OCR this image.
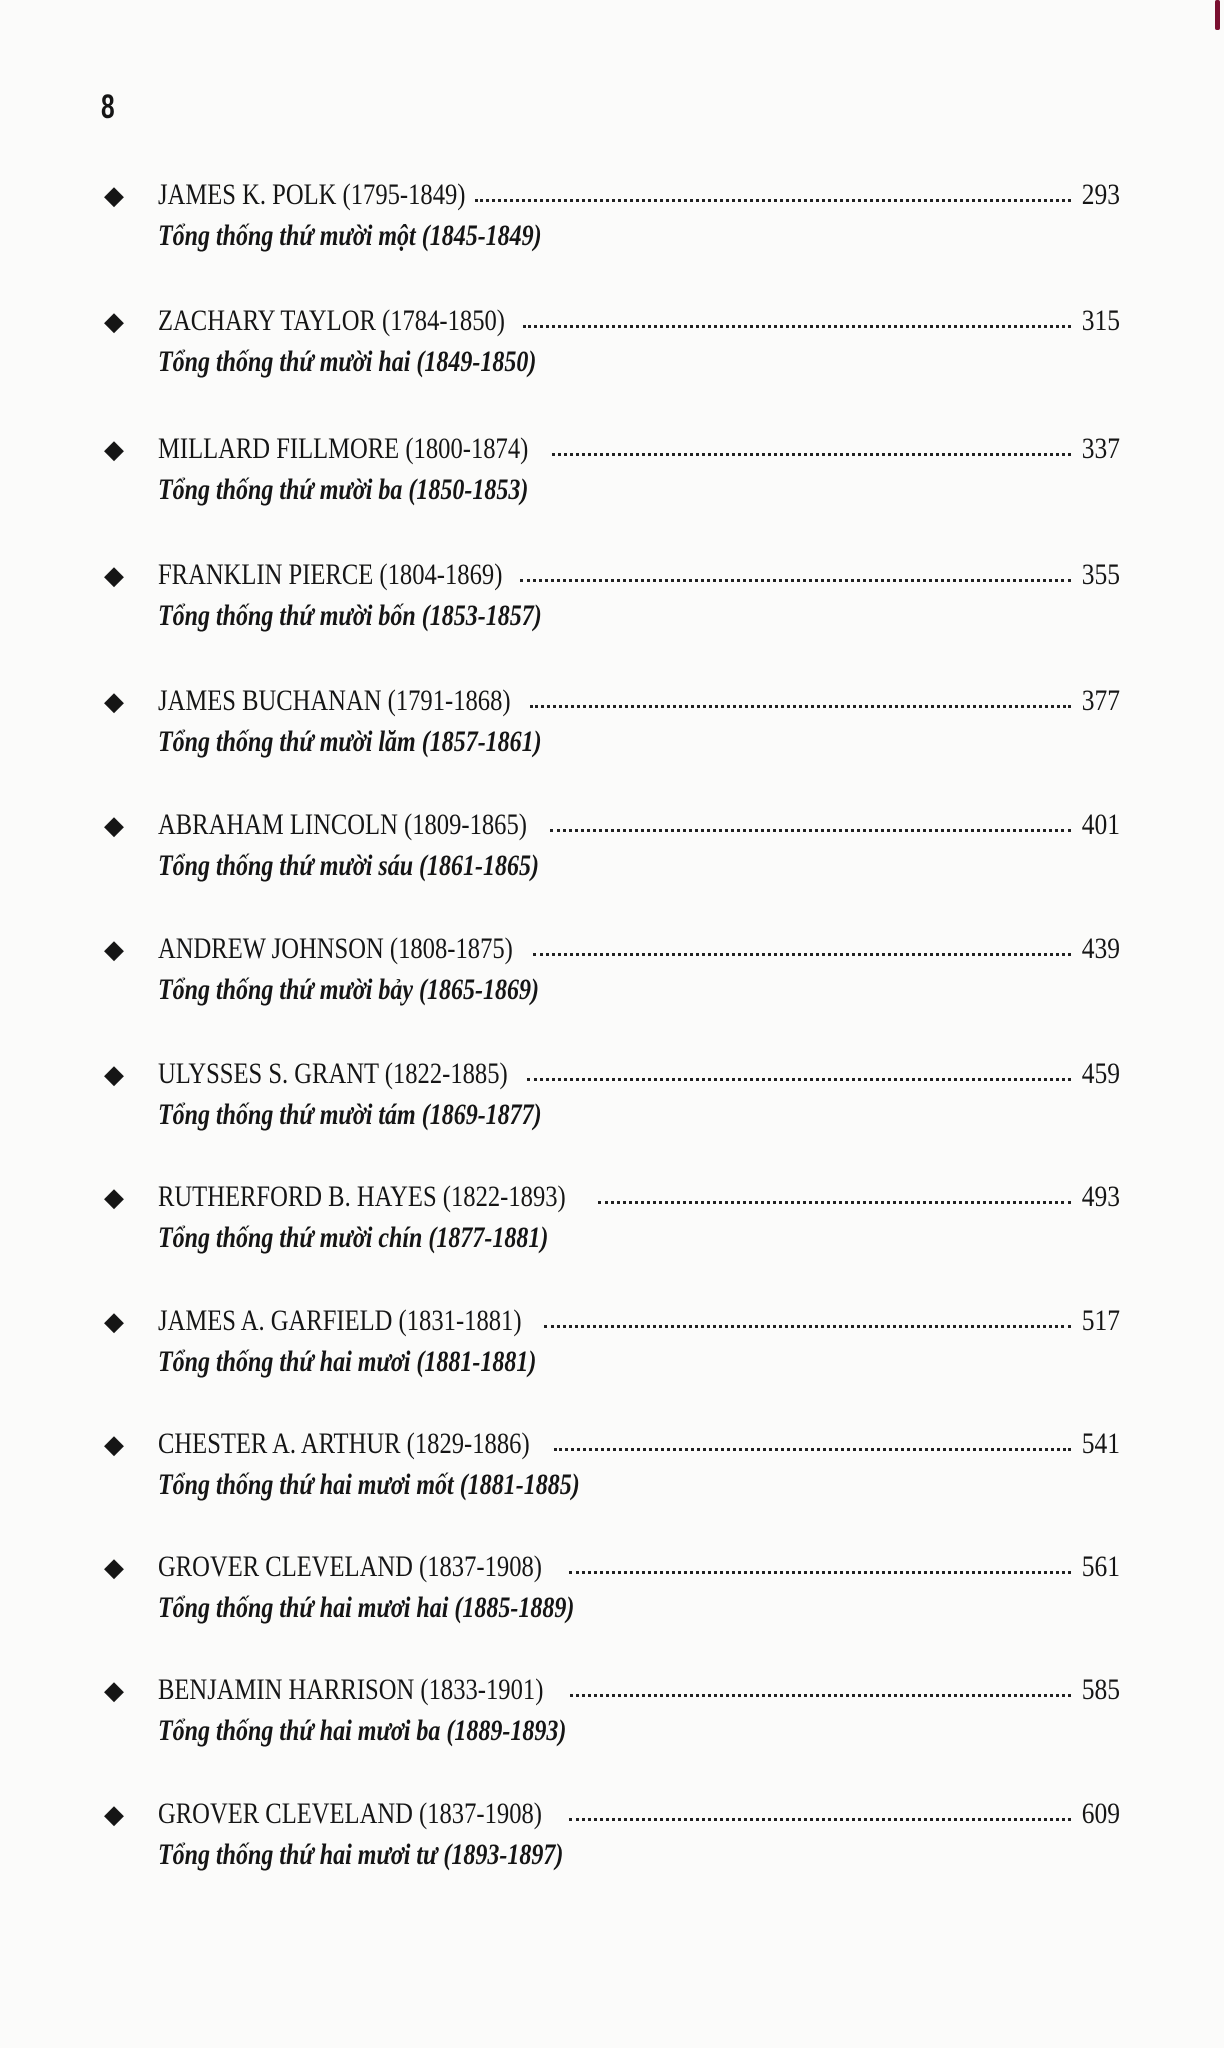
8
◆ JAMES K. POLK (1795-1849)	293
Tổng thống thứ mười một (1845-1849)
◆ ZACHARY TAYLOR (1784-1850)	315
Tổng thống thứ mười hai (1849-1850)
◆ MILLARD FILLMORE (1800-1874)	337
Tổng thống thứ mười ba (1850-1853)
◆ FRANKLIN PIERCE (1804-1869)	355
Tổng thống thứ mười bốn (1853-1857)
◆ JAMES BUCHANAN (1791-1868)	377
Tổng thống thứ mười lăm (1857-1861)
◆ ABRAHAM LINCOLN (1809-1865)	401
Tổng thống thứ mười sáu (1861-1865)
◆ ANDREW JOHNSON (1808-1875)	439
Tổng thống thứ mười bảy (1865-1869)
◆ ULYSSES S. GRANT (1822-1885)	459
Tổng thống thứ mười tám (1869-1877)
◆ RUTHERFORD B. HAYES (1822-1893)	493
Tổng thống thứ mười chín (1877-1881)
◆ JAMES A. GARFIELD (1831-1881)	517
Tổng thống thứ hai mươi (1881-1881)
◆ CHESTER A. ARTHUR (1829-1886)	541
Tổng thống thứ hai mươi mốt (1881-1885)
◆ GROVER CLEVELAND (1837-1908)	561
Tổng thống thứ hai mươi hai (1885-1889)
◆ BENJAMIN HARRISON (1833-1901)	585
Tổng thống thứ hai mươi ba (1889-1893)
◆ GROVER CLEVELAND (1837-1908)	609
Tổng thống thứ hai mươi tư (1893-1897)
